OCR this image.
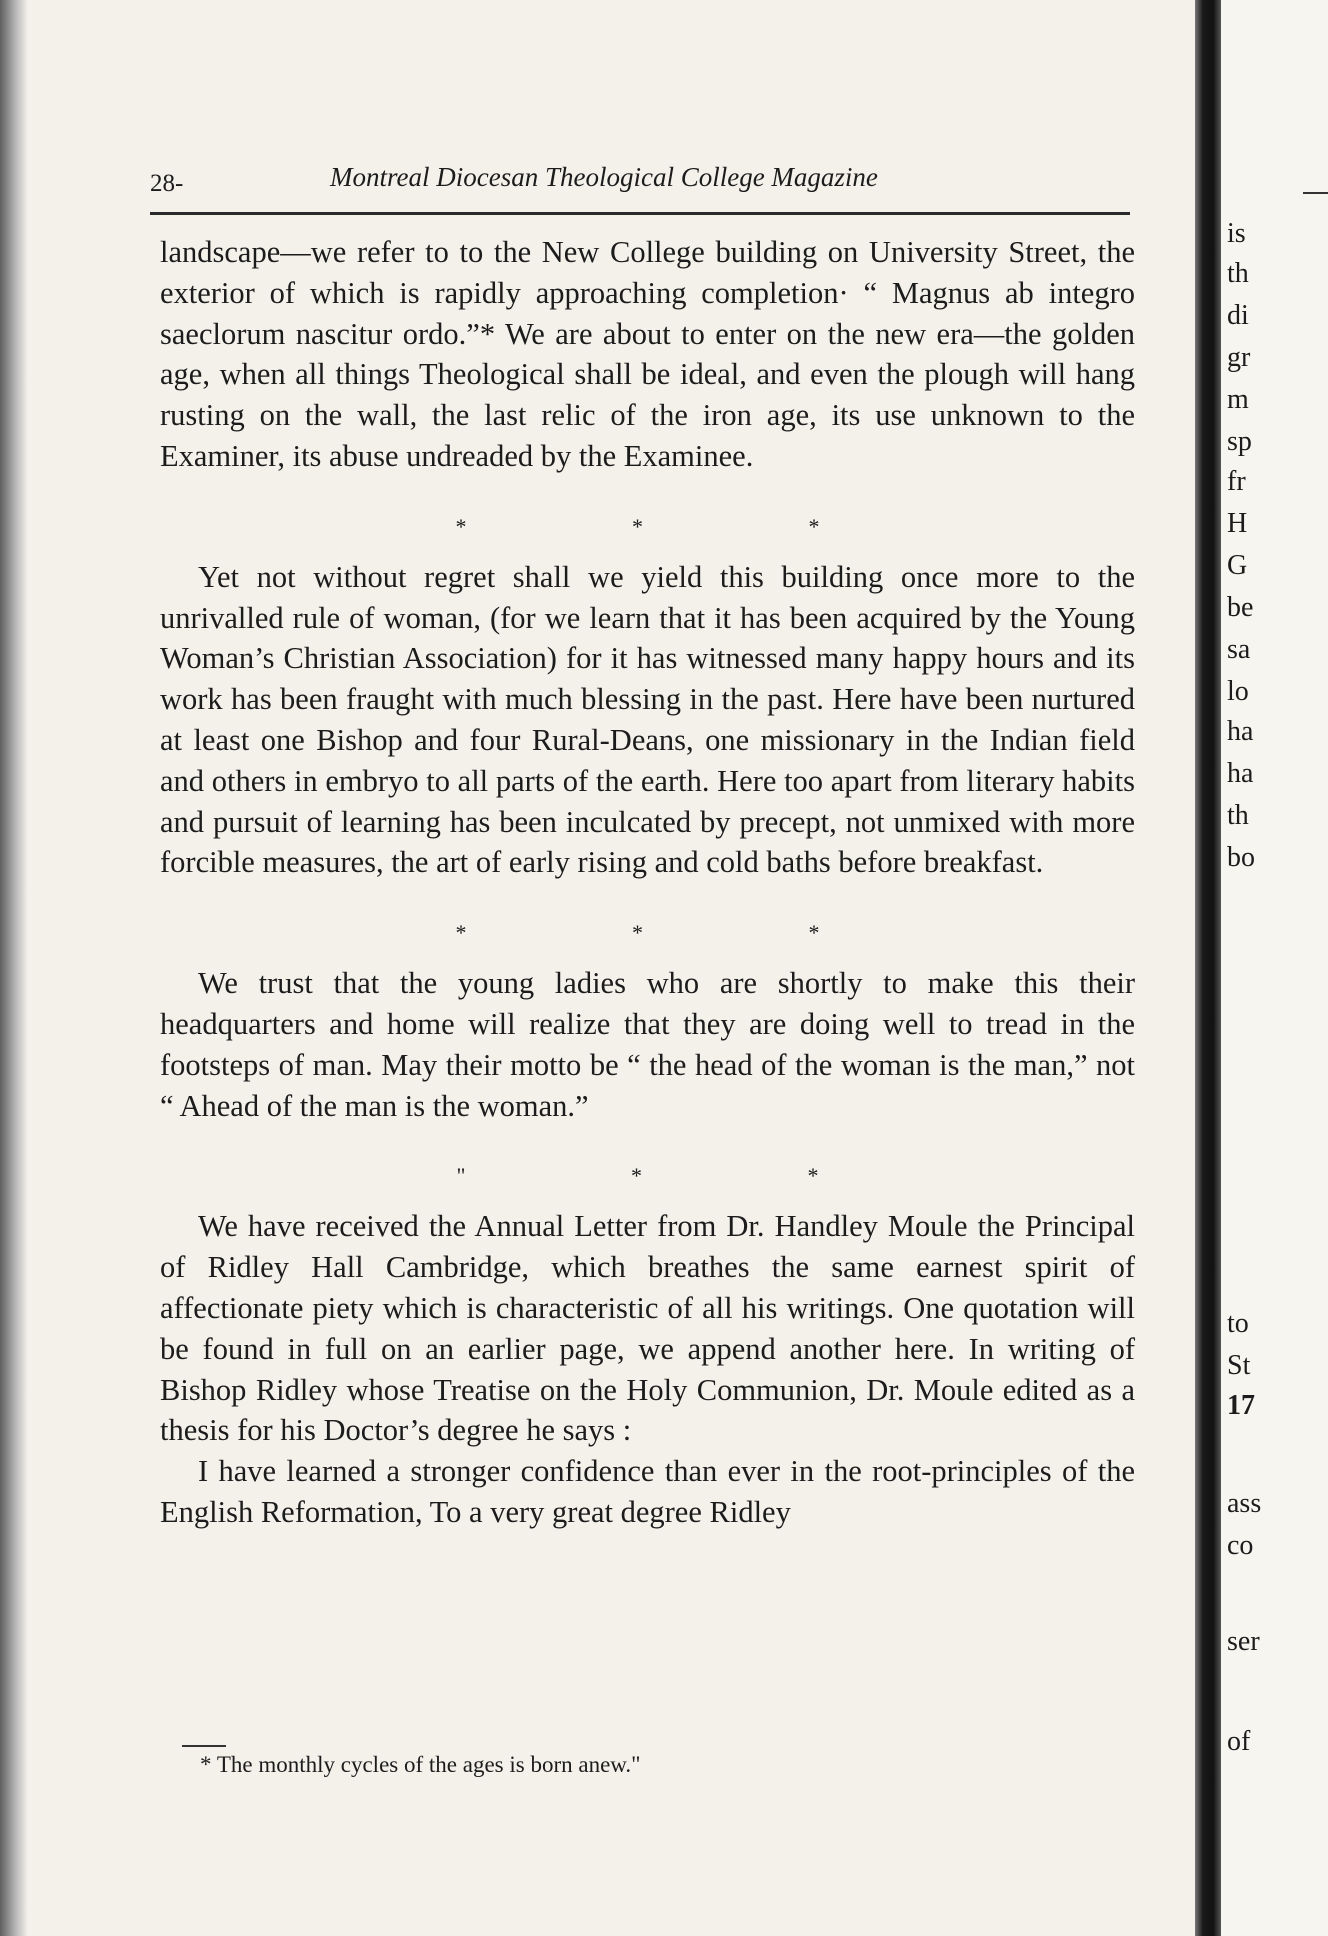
28-	Montreal Diocesan Theological College Magazine

landscape—we refer to to the New College building on University Street, the exterior of which is rapidly approaching completion· “ Magnus ab integro saeclorum nascitur ordo.”* We are about to enter on the new era—the golden age, when all things Theological shall be ideal, and even the plough will hang rusting on the wall, the last relic of the iron age, its use unknown to the Examiner, its abuse undreaded by the Examinee.

* * *

Yet not without regret shall we yield this building once more to the unrivalled rule of woman, (for we learn that it has been acquired by the Young Woman’s Christian Association) for it has witnessed many happy hours and its work has been fraught with much blessing in the past. Here have been nurtured at least one Bishop and four Rural-Deans, one missionary in the Indian field and others in embryo to all parts of the earth. Here too apart from literary habits and pursuit of learning has been inculcated by precept, not unmixed with more forcible measures, the art of early rising and cold baths before breakfast.

* * *

We trust that the young ladies who are shortly to make this their headquarters and home will realize that they are doing well to tread in the footsteps of man. May their motto be “ the head of the woman is the man,” not “ Ahead of the man is the woman.”

" * *

We have received the Annual Letter from Dr. Handley Moule the Principal of Ridley Hall Cambridge, which breathes the same earnest spirit of affectionate piety which is characteristic of all his writings. One quotation will be found in full on an earlier page, we append another here. In writing of Bishop Ridley whose Treatise on the Holy Communion, Dr. Moule edited as a thesis for his Doctor’s degree he says :

I have learned a stronger confidence than ever in the root-principles of the English Reformation, To a very great degree Ridley

* The monthly cycles of the ages is born anew."
is
th
di
gr
m
sp
fr
H
G
be
sa
lo
ha
ha
th
bo
to
St
17
ass
co
ser
of
